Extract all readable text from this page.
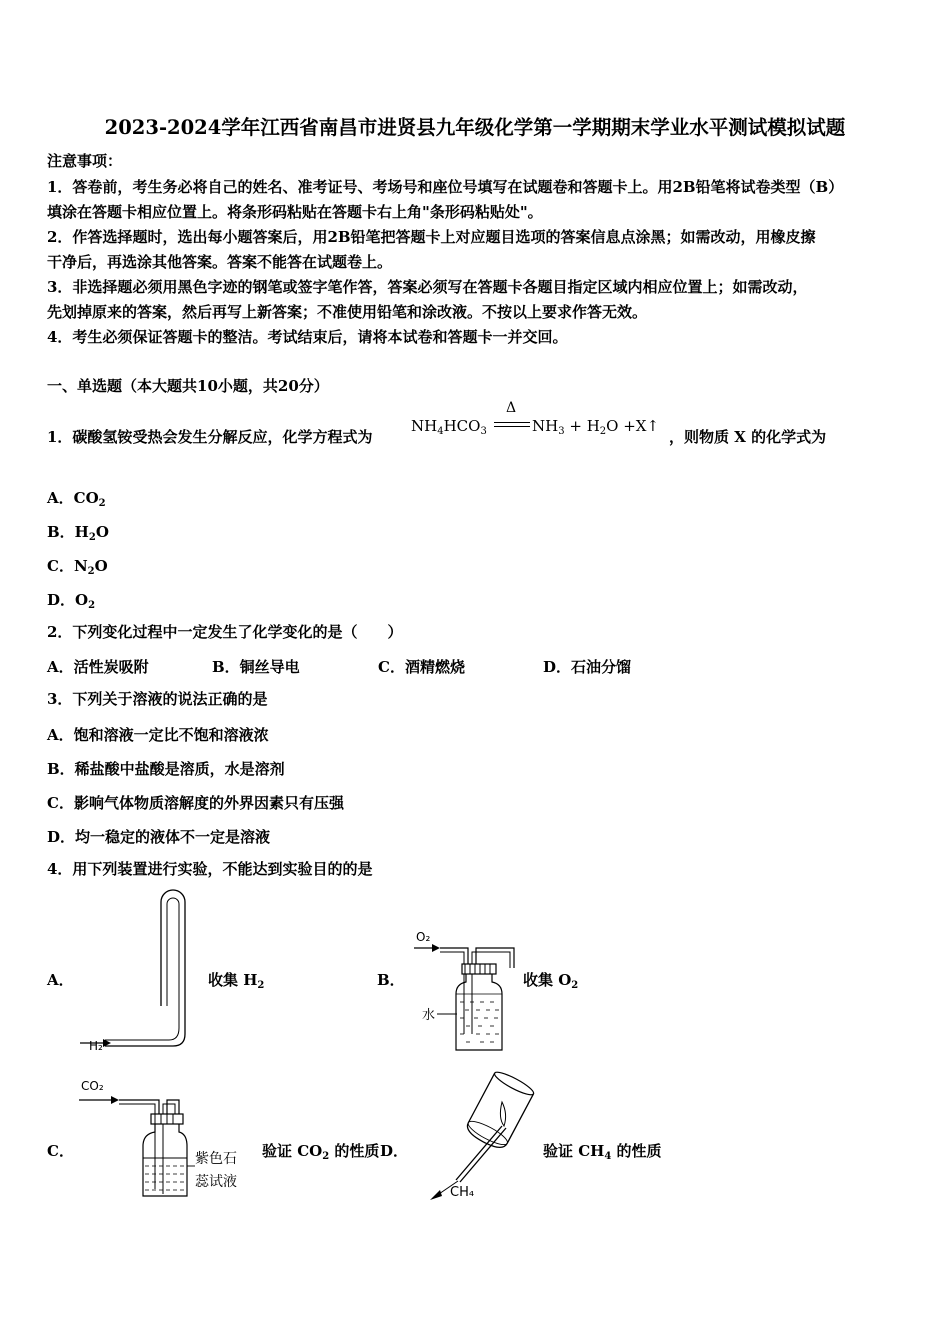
2023-2024学年江西省南昌市进贤县九年级化学第一学期期末学业水平测试模拟试题
注意事项：
1．答卷前，考生务必将自己的姓名、准考证号、考场号和座位号填写在试题卷和答题卡上。用2B铅笔将试卷类型（B）
填涂在答题卡相应位置上。将条形码粘贴在答题卡右上角"条形码粘贴处"。
2．作答选择题时，选出每小题答案后，用2B铅笔把答题卡上对应题目选项的答案信息点涂黑；如需改动，用橡皮擦
干净后，再选涂其他答案。答案不能答在试题卷上。
3．非选择题必须用黑色字迹的钢笔或签字笔作答，答案必须写在答题卡各题目指定区域内相应位置上；如需改动，
先划掉原来的答案，然后再写上新答案；不准使用铅笔和涂改液。不按以上要求作答无效。
4．考生必须保证答题卡的整洁。考试结束后，请将本试卷和答题卡一并交回。
一、单选题（本大题共10小题，共20分）
1．碳酸氢铵受热会发生分解反应，化学方程式为
$NH_4HCO_3$
Δ
$NH_3 + H_2O$ +X↑
，则物质 X 的化学式为
A．$CO_2$
B．$H_2O$
C．$N_2O$
D．$O_2$
2．下列变化过程中一定发生了化学变化的是（　　）
A．活性炭吸附	B．铜丝导电	C．酒精燃烧	D．石油分馏
3．下列关于溶液的说法正确的是
A．饱和溶液一定比不饱和溶液浓
B．稀盐酸中盐酸是溶质，水是溶剂
C．影响气体物质溶解度的外界因素只有压强
D．均一稳定的液体不一定是溶液
4．用下列装置进行实验，不能达到实验目的的是
A．
H₂
收集 $H_2$	B．
O₂
水
收集 $O_2$
C．
CO₂
紫色石
蕊试液
验证 $CO_2$ 的性质 D．
CH₄
验证 $CH_4$ 的性质
